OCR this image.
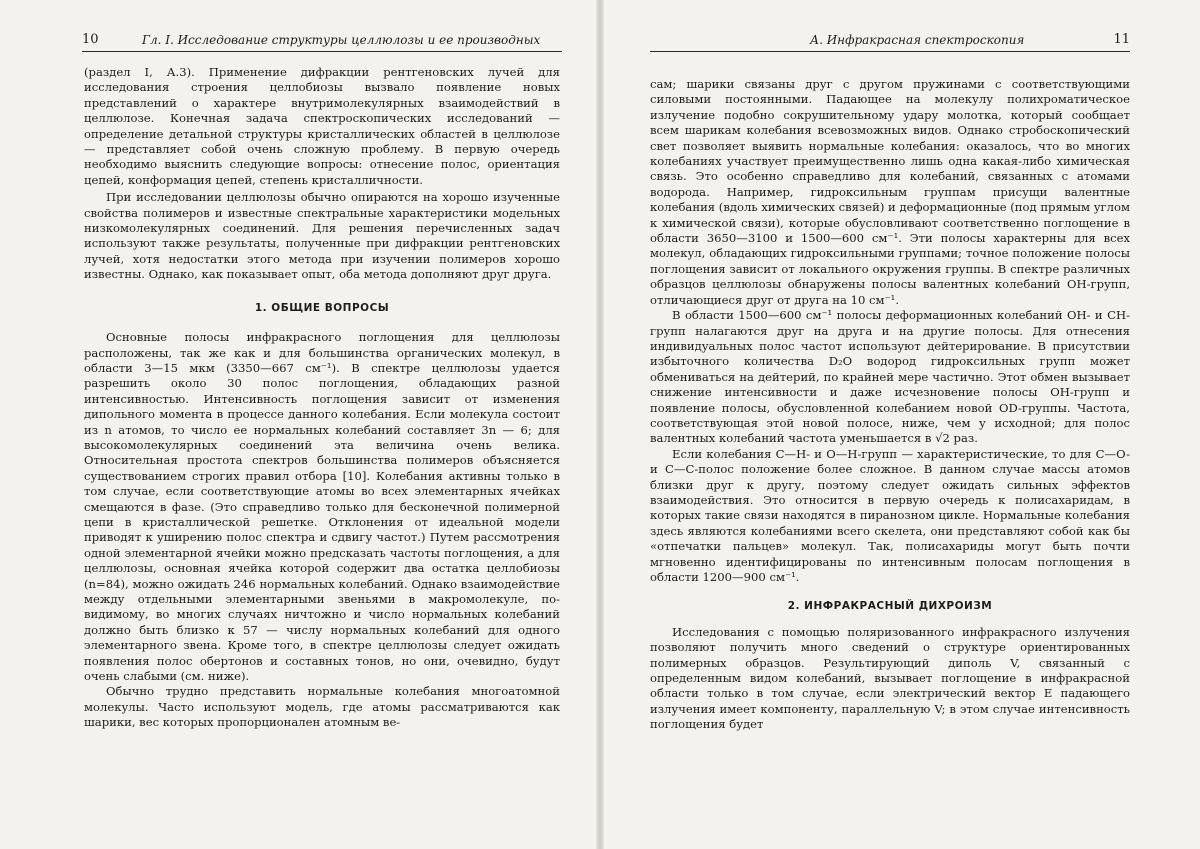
10	Гл. I. Исследование структуры целлюлозы и ее производных

(раздел I, А.3). Применение дифракции рентгеновских лучей для исследования строения целлобиозы вызвало появление новых представлений о характере внутримолекулярных взаимодействий в целлюлозе. Конечная задача спектроскопических исследований — определение детальной структуры кристаллических областей в целлюлозе — представляет собой очень сложную проблему. В первую очередь необходимо выяснить следующие вопросы: отнесение полос, ориентация цепей, конформация цепей, степень кристалличности.

При исследовании целлюлозы обычно опираются на хорошо изученные свойства полимеров и известные спектральные характеристики модельных низкомолекулярных соединений. Для решения перечисленных задач используют также результаты, полученные при дифракции рентгеновских лучей, хотя недостатки этого метода при изучении полимеров хорошо известны. Однако, как показывает опыт, оба метода дополняют друг друга.

1. ОБЩИЕ ВОПРОСЫ

Основные полосы инфракрасного поглощения для целлюлозы расположены, так же как и для большинства органических молекул, в области 3—15 мкм (3350—667 см⁻¹). В спектре целлюлозы удается разрешить около 30 полос поглощения, обладающих разной интенсивностью. Интенсивность поглощения зависит от изменения дипольного момента в процессе данного колебания. Если молекула состоит из n атомов, то число ее нормальных колебаний составляет 3n — 6; для высокомолекулярных соединений эта величина очень велика. Относительная простота спектров большинства полимеров объясняется существованием строгих правил отбора [10]. Колебания активны только в том случае, если соответствующие атомы во всех элементарных ячейках смещаются в фазе. (Это справедливо только для бесконечной полимерной цепи в кристаллической решетке. Отклонения от идеальной модели приводят к уширению полос спектра и сдвигу частот.) Путем рассмотрения одной элементарной ячейки можно предсказать частоты поглощения, а для целлюлозы, основная ячейка которой содержит два остатка целлобиозы (n=84), можно ожидать 246 нормальных колебаний. Однако взаимодействие между отдельными элементарными звеньями в макромолекуле, по-видимому, во многих случаях ничтожно и число нормальных колебаний должно быть близко к 57 — числу нормальных колебаний для одного элементарного звена. Кроме того, в спектре целлюлозы следует ожидать появления полос обертонов и составных тонов, но они, очевидно, будут очень слабыми (см. ниже).

Обычно трудно представить нормальные колебания многоатомной молекулы. Часто используют модель, где атомы рассматриваются как шарики, вес которых пропорционален атомным ве-

А. Инфракрасная спектроскопия	11

сам; шарики связаны друг с другом пружинами с соответствующими силовыми постоянными. Падающее на молекулу полихроматическое излучение подобно сокрушительному удару молотка, который сообщает всем шарикам колебания всевозможных видов. Однако стробоскопический свет позволяет выявить нормальные колебания: оказалось, что во многих колебаниях участвует преимущественно лишь одна какая-либо химическая связь. Это особенно справедливо для колебаний, связанных с атомами водорода. Например, гидроксильным группам присущи валентные колебания (вдоль химических связей) и деформационные (под прямым углом к химической связи), которые обусловливают соответственно поглощение в области 3650—3100 и 1500—600 см⁻¹. Эти полосы характерны для всех молекул, обладающих гидроксильными группами; точное положение полосы поглощения зависит от локального окружения группы. В спектре различных образцов целлюлозы обнаружены полосы валентных колебаний OH-групп, отличающиеся друг от друга на 10 см⁻¹.

В области 1500—600 см⁻¹ полосы деформационных колебаний OH- и CH-групп налагаются друг на друга и на другие полосы. Для отнесения индивидуальных полос частот используют дейтерирование. В присутствии избыточного количества D₂O водород гидроксильных групп может обмениваться на дейтерий, по крайней мере частично. Этот обмен вызывает снижение интенсивности и даже исчезновение полосы OH-групп и появление полосы, обусловленной колебанием новой OD-группы. Частота, соответствующая этой новой полосе, ниже, чем у исходной; для полос валентных колебаний частота уменьшается в √2 раз.

Если колебания C—H- и O—H-групп — характеристические, то для C—O- и C—C-полос положение более сложное. В данном случае массы атомов близки друг к другу, поэтому следует ожидать сильных эффектов взаимодействия. Это относится в первую очередь к полисахаридам, в которых такие связи находятся в пиранозном цикле. Нормальные колебания здесь являются колебаниями всего скелета, они представляют собой как бы «отпечатки пальцев» молекул. Так, полисахариды могут быть почти мгновенно идентифицированы по интенсивным полосам поглощения в области 1200—900 см⁻¹.

2. ИНФРАКРАСНЫЙ ДИХРОИЗМ

Исследования с помощью поляризованного инфракрасного излучения позволяют получить много сведений о структуре ориентированных полимерных образцов. Результирующий диполь V, связанный с определенным видом колебаний, вызывает поглощение в инфракрасной области только в том случае, если электрический вектор E падающего излучения имеет компоненту, параллельную V; в этом случае интенсивность поглощения будет
